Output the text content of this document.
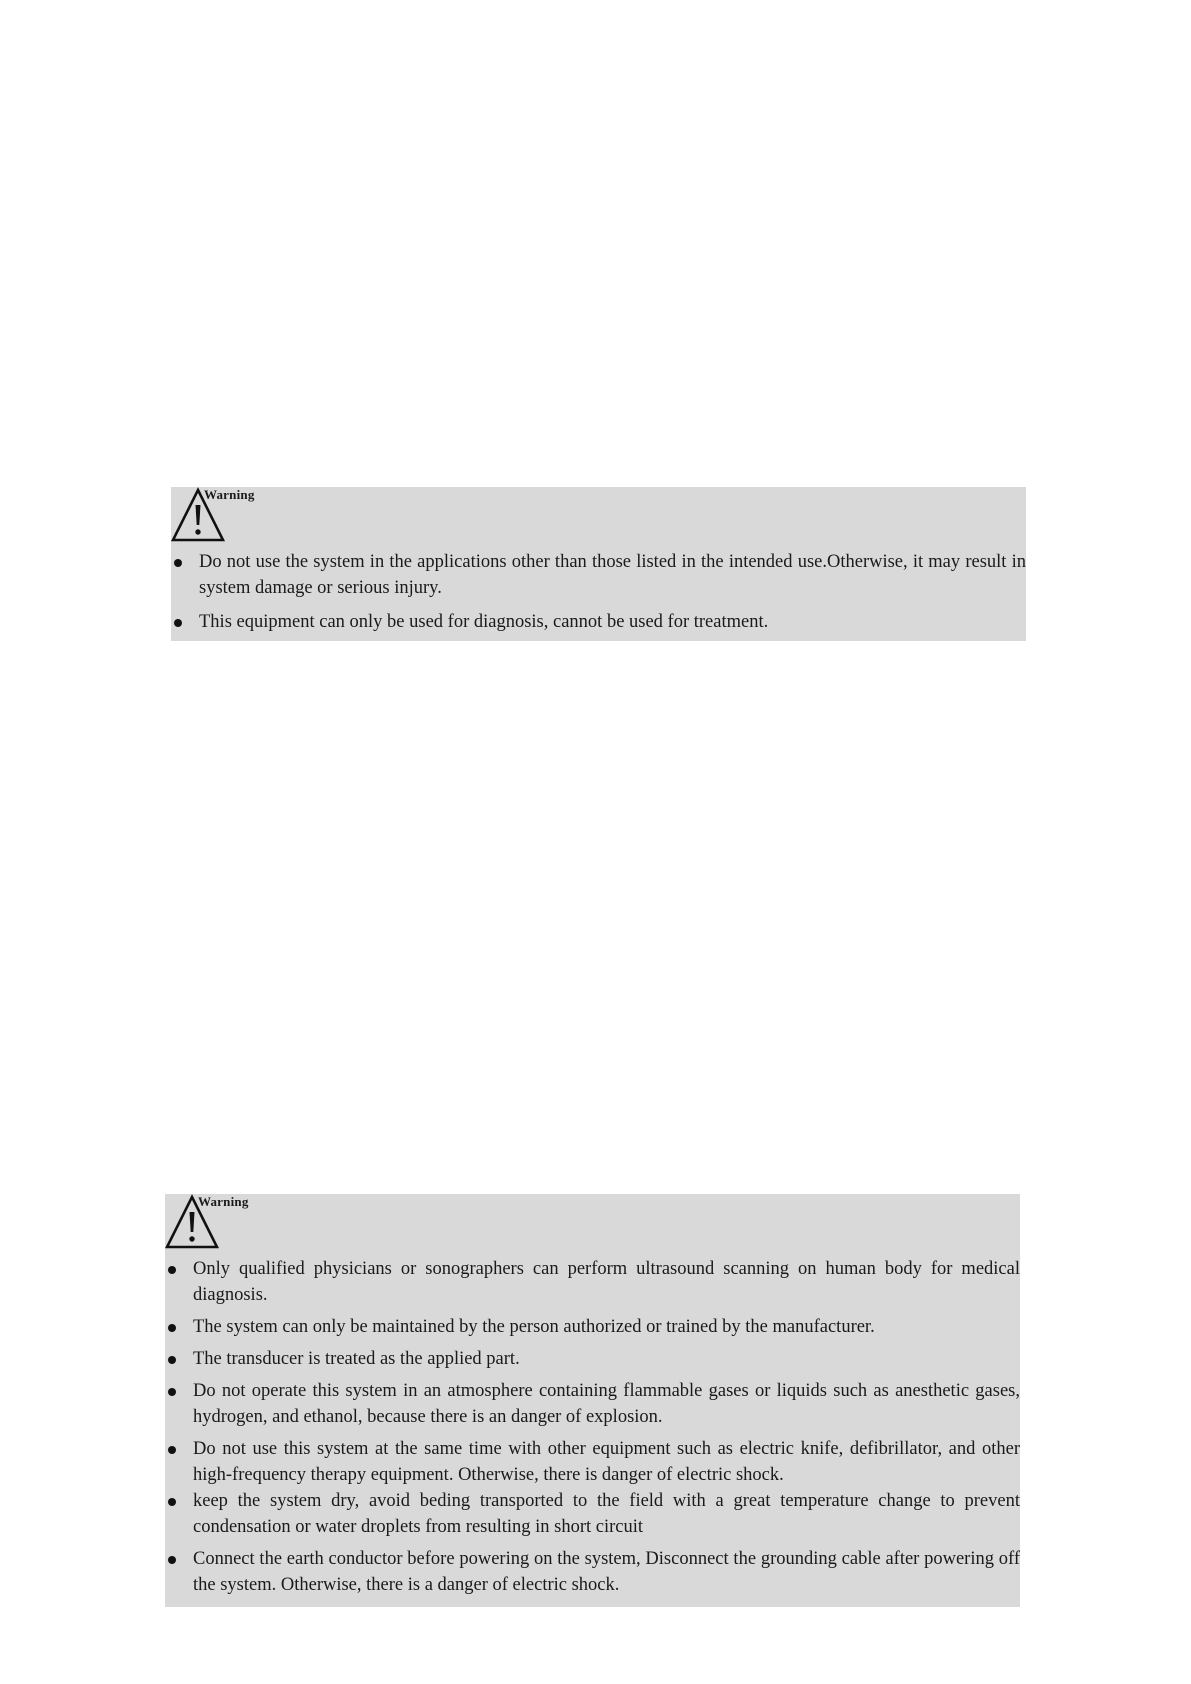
Warning
Do not use the system in the applications other than those listed in the intended use.Otherwise, it may result in system damage or serious injury.
This equipment can only be used for diagnosis, cannot be used for treatment.
Warning
Only qualified physicians or sonographers can perform ultrasound scanning on human body for medical diagnosis.
The system can only be maintained by the person authorized or trained by the manufacturer.
The transducer is treated as the applied part.
Do not operate this system in an atmosphere containing flammable gases or liquids such as anesthetic gases, hydrogen, and ethanol, because there is an danger of explosion.
Do not use this system at the same time with other equipment such as electric knife, defibrillator, and other high-frequency therapy equipment. Otherwise, there is danger of electric shock.
keep the system dry, avoid beding transported to the field with a great temperature change to prevent condensation or water droplets from resulting in short circuit
Connect the earth conductor before powering on the system, Disconnect the grounding cable after powering off the system. Otherwise, there is a danger of electric shock.
